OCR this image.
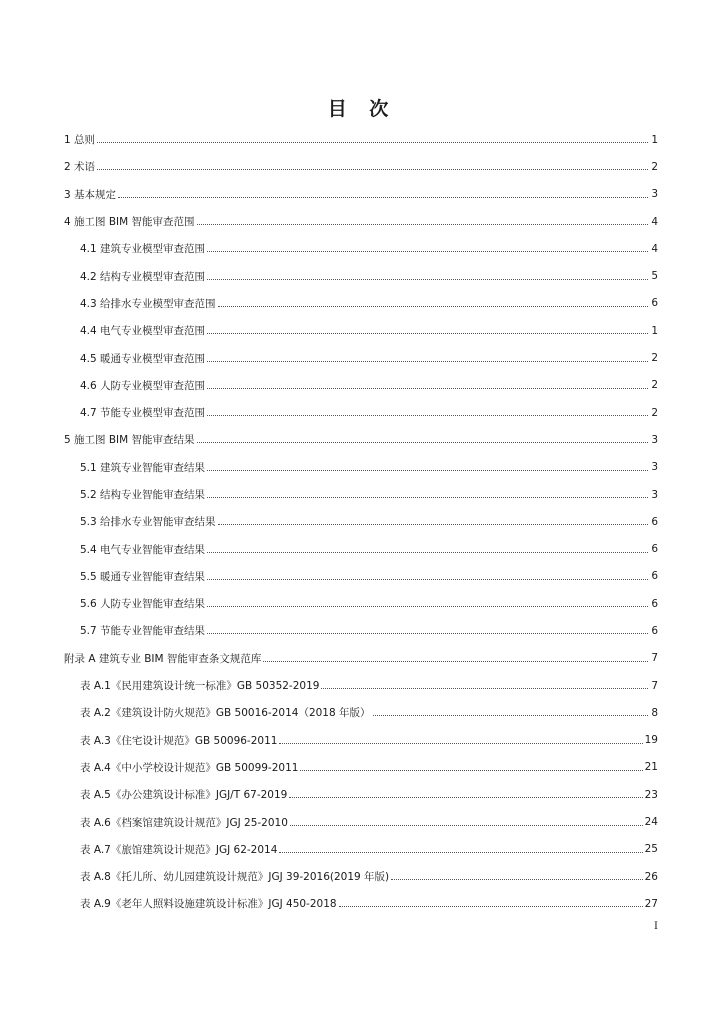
目 次
1 总则	1
2 术语	2
3 基本规定	3
4 施工图 BIM 智能审查范围	4
4.1 建筑专业模型审查范围	4
4.2 结构专业模型审查范围	5
4.3 给排水专业模型审查范围	6
4.4 电气专业模型审查范围	1
4.5 暖通专业模型审查范围	2
4.6 人防专业模型审查范围	2
4.7 节能专业模型审查范围	2
5 施工图 BIM 智能审查结果	3
5.1 建筑专业智能审查结果	3
5.2 结构专业智能审查结果	3
5.3 给排水专业智能审查结果	6
5.4 电气专业智能审查结果	6
5.5 暖通专业智能审查结果	6
5.6 人防专业智能审查结果	6
5.7 节能专业智能审查结果	6
附录 A 建筑专业 BIM 智能审查条文规范库	7
表 A.1《民用建筑设计统一标准》GB 50352-2019	7
表 A.2《建筑设计防火规范》GB 50016-2014（2018 年版）	8
表 A.3《住宅设计规范》GB 50096-2011	19
表 A.4《中小学校设计规范》GB 50099-2011	21
表 A.5《办公建筑设计标准》JGJ/T 67-2019	23
表 A.6《档案馆建筑设计规范》JGJ 25-2010	24
表 A.7《旅馆建筑设计规范》JGJ 62-2014	25
表 A.8《托儿所、幼儿园建筑设计规范》JGJ 39-2016(2019 年版)	26
表 A.9《老年人照料设施建筑设计标准》JGJ 450-2018	27
I
